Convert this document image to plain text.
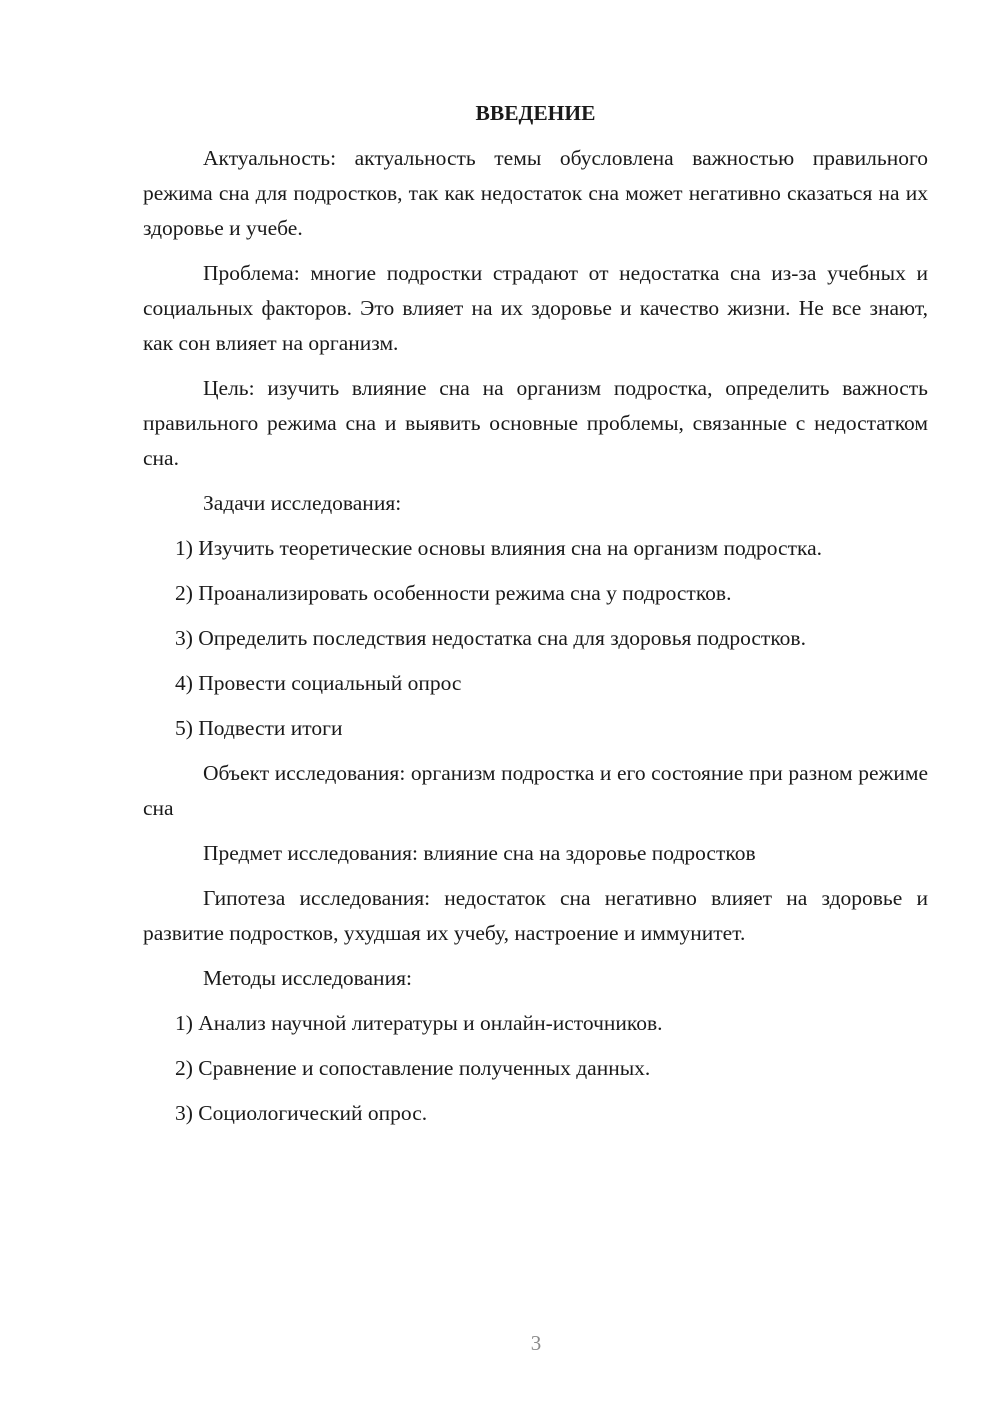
ВВЕДЕНИЕ

Актуальность: актуальность темы обусловлена важностью правильного режима сна для подростков, так как недостаток сна может негативно сказаться на их здоровье и учебе.

Проблема: многие подростки страдают от недостатка сна из-за учебных и социальных факторов. Это влияет на их здоровье и качество жизни. Не все знают, как сон влияет на организм.

Цель: изучить влияние сна на организм подростка, определить важность правильного режима сна и выявить основные проблемы, связанные с недостатком сна.

Задачи исследования:

1) Изучить теоретические основы влияния сна на организм подростка.
2) Проанализировать особенности режима сна у подростков.
3) Определить последствия недостатка сна для здоровья подростков.
4) Провести социальный опрос
5) Подвести итоги

Объект исследования: организм подростка и его состояние при разном режиме сна

Предмет исследования: влияние сна на здоровье подростков

Гипотеза исследования: недостаток сна негативно влияет на здоровье и развитие подростков, ухудшая их учебу, настроение и иммунитет.

Методы исследования:

1) Анализ научной литературы и онлайн-источников.
2) Сравнение и сопоставление полученных данных.
3) Социологический опрос.
3
